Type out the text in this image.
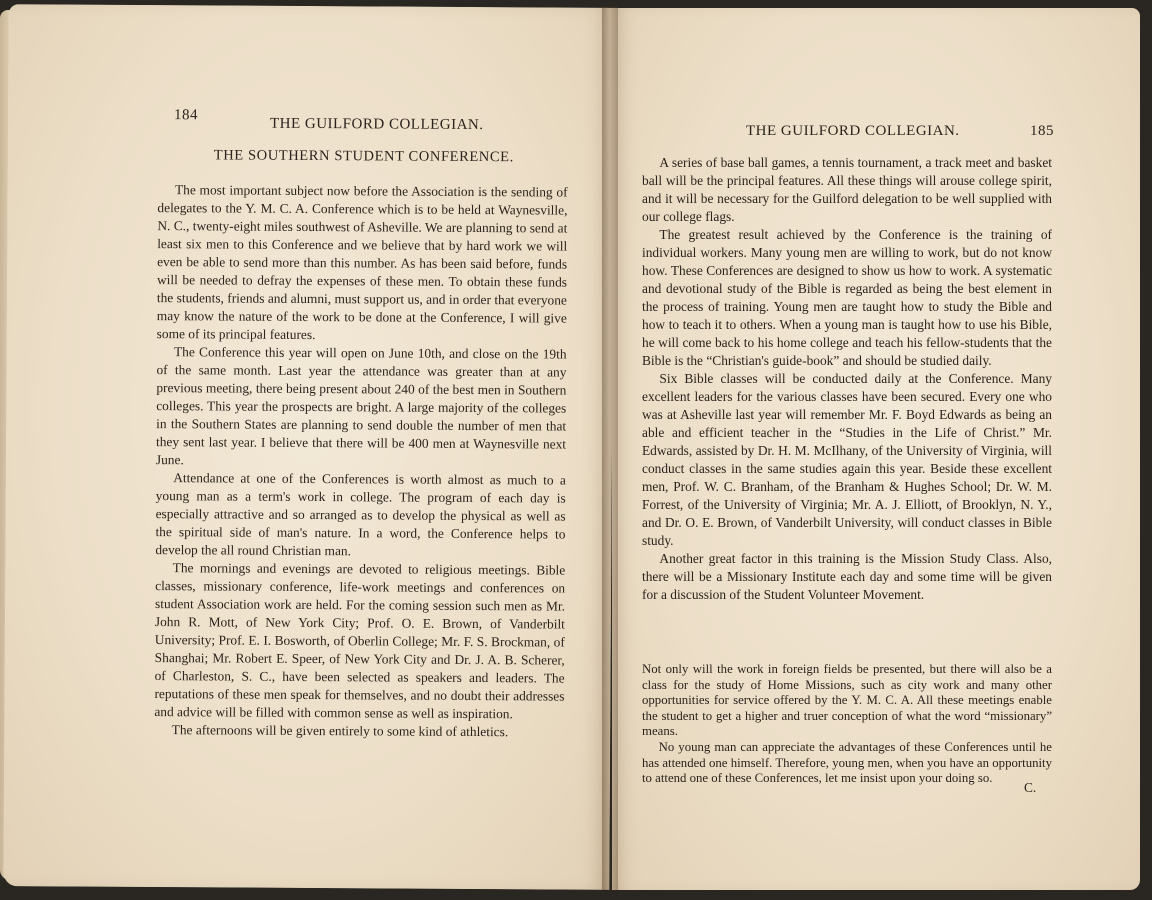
184
THE GUILFORD COLLEGIAN.
THE SOUTHERN STUDENT CONFERENCE.

The most important subject now before the Association is the sending of delegates to the Y. M. C. A. Conference which is to be held at Waynesville, N. C., twenty-eight miles southwest of Asheville. We are planning to send at least six men to this Conference and we believe that by hard work we will even be able to send more than this number. As has been said before, funds will be needed to defray the expenses of these men. To obtain these funds the students, friends and alumni, must support us, and in order that everyone may know the nature of the work to be done at the Conference, I will give some of its principal features.

The Conference this year will open on June 10th, and close on the 19th of the same month. Last year the attendance was greater than at any previous meeting, there being present about 240 of the best men in Southern colleges. This year the prospects are bright. A large majority of the colleges in the Southern States are planning to send double the number of men that they sent last year. I believe that there will be 400 men at Waynesville next June.

Attendance at one of the Conferences is worth almost as much to a young man as a term's work in college. The program of each day is especially attractive and so arranged as to develop the physical as well as the spiritual side of man's nature. In a word, the Conference helps to develop the all round Christian man.

The mornings and evenings are devoted to religious meetings. Bible classes, missionary conference, life-work meetings and conferences on student Association work are held. For the coming session such men as Mr. John R. Mott, of New York City; Prof. O. E. Brown, of Vanderbilt University; Prof. E. I. Bosworth, of Oberlin College; Mr. F. S. Brockman, of Shanghai; Mr. Robert E. Speer, of New York City and Dr. J. A. B. Scherer, of Charleston, S. C., have been selected as speakers and leaders. The reputations of these men speak for themselves, and no doubt their addresses and advice will be filled with common sense as well as inspiration.

The afternoons will be given entirely to some kind of athletics.

THE GUILFORD COLLEGIAN.	185

A series of base ball games, a tennis tournament, a track meet and basket ball will be the principal features. All these things will arouse college spirit, and it will be necessary for the Guilford delegation to be well supplied with our college flags.

The greatest result achieved by the Conference is the training of individual workers. Many young men are willing to work, but do not know how. These Conferences are designed to show us how to work. A systematic and devotional study of the Bible is regarded as being the best element in the process of training. Young men are taught how to study the Bible and how to teach it to others. When a young man is taught how to use his Bible, he will come back to his home college and teach his fellow-students that the Bible is the “Christian's guide-book” and should be studied daily.

Six Bible classes will be conducted daily at the Conference. Many excellent leaders for the various classes have been secured. Every one who was at Asheville last year will remember Mr. F. Boyd Edwards as being an able and efficient teacher in the “Studies in the Life of Christ.” Mr. Edwards, assisted by Dr. H. M. McIlhany, of the University of Virginia, will conduct classes in the same studies again this year. Beside these excellent men, Prof. W. C. Branham, of the Branham & Hughes School; Dr. W. M. Forrest, of the University of Virginia; Mr. A. J. Elliott, of Brooklyn, N. Y., and Dr. O. E. Brown, of Vanderbilt University, will conduct classes in Bible study.

Another great factor in this training is the Mission Study Class. Also, there will be a Missionary Institute each day and some time will be given for a discussion of the Student Volunteer Movement.

Not only will the work in foreign fields be presented, but there will also be a class for the study of Home Missions, such as city work and many other opportunities for service offered by the Y. M. C. A. All these meetings enable the student to get a higher and truer conception of what the word “missionary” means.

No young man can appreciate the advantages of these Conferences until he has attended one himself. Therefore, young men, when you have an opportunity to attend one of these Conferences, let me insist upon your doing so.

C.
